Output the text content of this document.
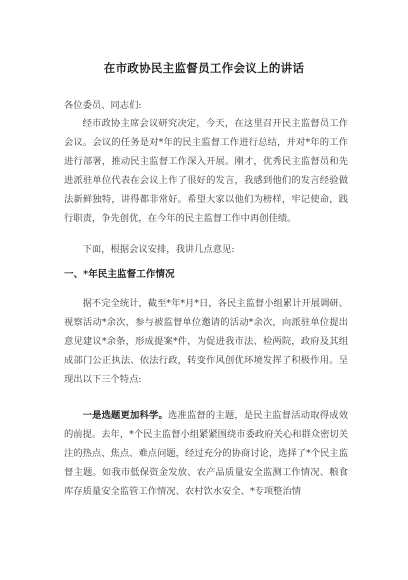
在市政协民主监督员工作会议上的讲话

各位委员、同志们:

经市政协主席会议研究决定，今天，在这里召开民主监督员工作会议。会议的任务是对*年的民主监督工作进行总结，并对*年的工作进行部署，推动民主监督工作深入开展。刚才，优秀民主监督员和先进派驻单位代表在会议上作了很好的发言，我感到他们的发言经验做法新鲜独特，讲得都非常好。希望大家以他们为榜样，牢记使命，践行职责，争先创优，在今年的民主监督工作中再创佳绩。

下面，根据会议安排，我讲几点意见:

一、*年民主监督工作情况

据不完全统计，截至*年*月*日，各民主监督小组累计开展调研、视察活动*余次，参与被监督单位邀请的活动*余次，向派驻单位提出意见建议*余条，形成提案*件，为促进我市法、检两院，政府及其组成部门公正执法、依法行政，转变作风创优环境发挥了积极作用。呈现出以下三个特点:

一是选题更加科学。选准监督的主题，是民主监督活动取得成效的前提。去年，*个民主监督小组紧紧围绕市委政府关心和群众密切关注的热点、焦点、难点问题，经过充分的协商讨论，选择了*个民主监督主题。如我市低保资金发放、农产品质量安全监测工作情况、粮食库存质量安全监管工作情况、农村饮水安全、*专项整治情
